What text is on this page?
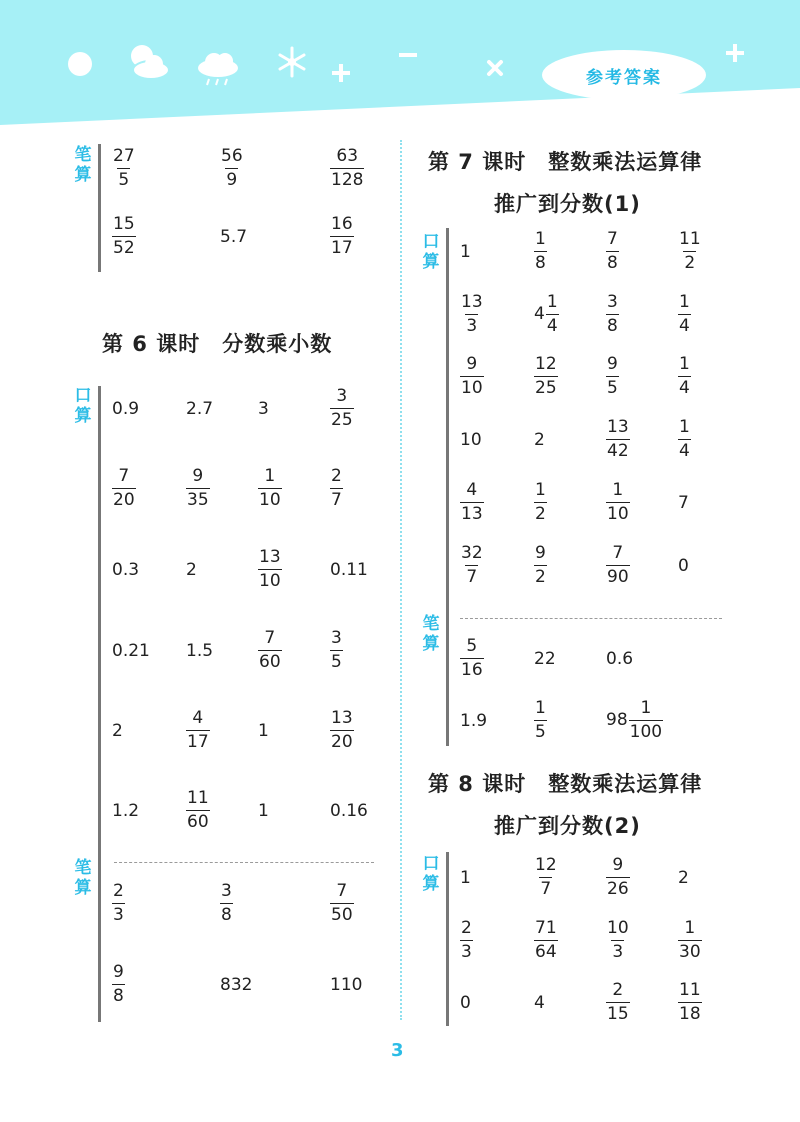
参考答案
笔算 $\frac{27}{5}$	$\frac{56}{9}$	$\frac{63}{128}$
$\frac{15}{52}$	5.7	$\frac{16}{17}$
第 6 课时　分数乘小数
口算 0.9	2.7	3	$\frac{3}{25}$
$\frac{7}{20}$	$\frac{9}{35}$	$\frac{1}{10}$	$\frac{2}{7}$
0.3	2	$\frac{13}{10}$	0.11
0.21 1.5	$\frac{7}{60}$	$\frac{3}{5}$
2	$\frac{4}{17}$	1	$\frac{13}{20}$
1.2	$\frac{11}{60}$	1	0.16
笔算 $\frac{2}{3}$	$\frac{3}{8}$	$\frac{7}{50}$
$\frac{9}{8}$	832	110
第 7 课时　整数乘法运算律
推广到分数(1)
口算 1	$\frac{1}{8}$	$\frac{7}{8}$	$\frac{11}{2}$
$\frac{13}{3}$	$4 \frac{1}{4}$	$\frac{3}{8}$	$\frac{1}{4}$
$\frac{9}{10}$	$\frac{12}{25}$	$\frac{9}{5}$	$\frac{1}{4}$
10	2	$\frac{13}{42}$	$\frac{1}{4}$
$\frac{4}{13}$	$\frac{1}{2}$	$\frac{1}{10}$	7
$\frac{32}{7}$	$\frac{9}{2}$	$\frac{7}{90}$	0
笔算 $\frac{5}{16}$	22	0.6
1.9	$\frac{1}{5}$	$98 \frac{1}{100}$
第 8 课时　整数乘法运算律
推广到分数(2)
口算 1	$\frac{12}{7}$	$\frac{9}{26}$	2
$\frac{2}{3}$	$\frac{71}{64}$	$\frac{10}{3}$	$\frac{1}{30}$
0	4	$\frac{2}{15}$	$\frac{11}{18}$
3
